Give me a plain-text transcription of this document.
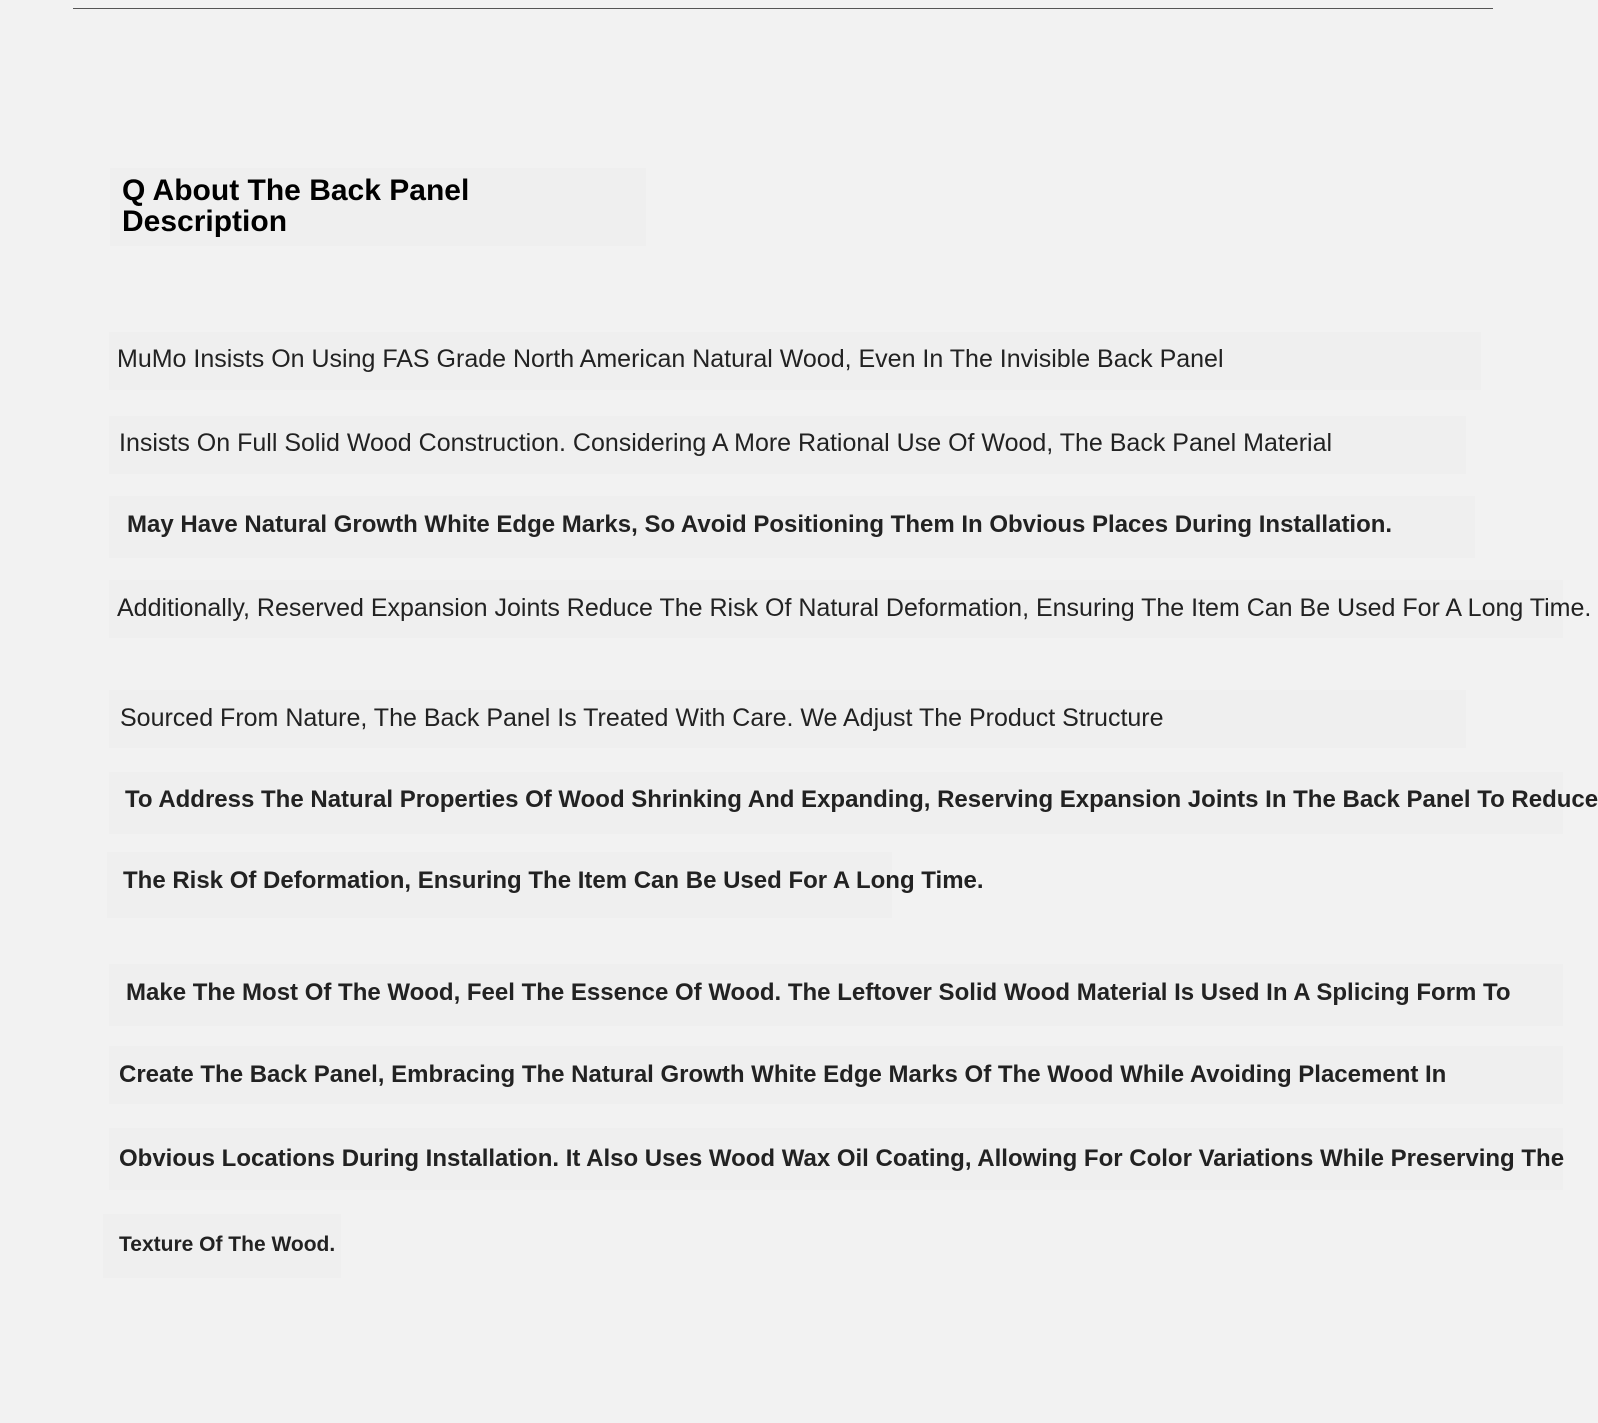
Q About The Back Panel Description
MuMo Insists On Using FAS Grade North American Natural Wood, Even In The Invisible Back Panel
Insists On Full Solid Wood Construction. Considering A More Rational Use Of Wood, The Back Panel Material
May Have Natural Growth White Edge Marks, So Avoid Positioning Them In Obvious Places During Installation.
Additionally, Reserved Expansion Joints Reduce The Risk Of Natural Deformation, Ensuring The Item Can Be Used For A Long Time.
Sourced From Nature, The Back Panel Is Treated With Care. We Adjust The Product Structure
To Address The Natural Properties Of Wood Shrinking And Expanding, Reserving Expansion Joints In The Back Panel To Reduce
The Risk Of Deformation, Ensuring The Item Can Be Used For A Long Time.
Make The Most Of The Wood, Feel The Essence Of Wood. The Leftover Solid Wood Material Is Used In A Splicing Form To
Create The Back Panel, Embracing The Natural Growth White Edge Marks Of The Wood While Avoiding Placement In
Obvious Locations During Installation. It Also Uses Wood Wax Oil Coating, Allowing For Color Variations While Preserving The
Texture Of The Wood.
